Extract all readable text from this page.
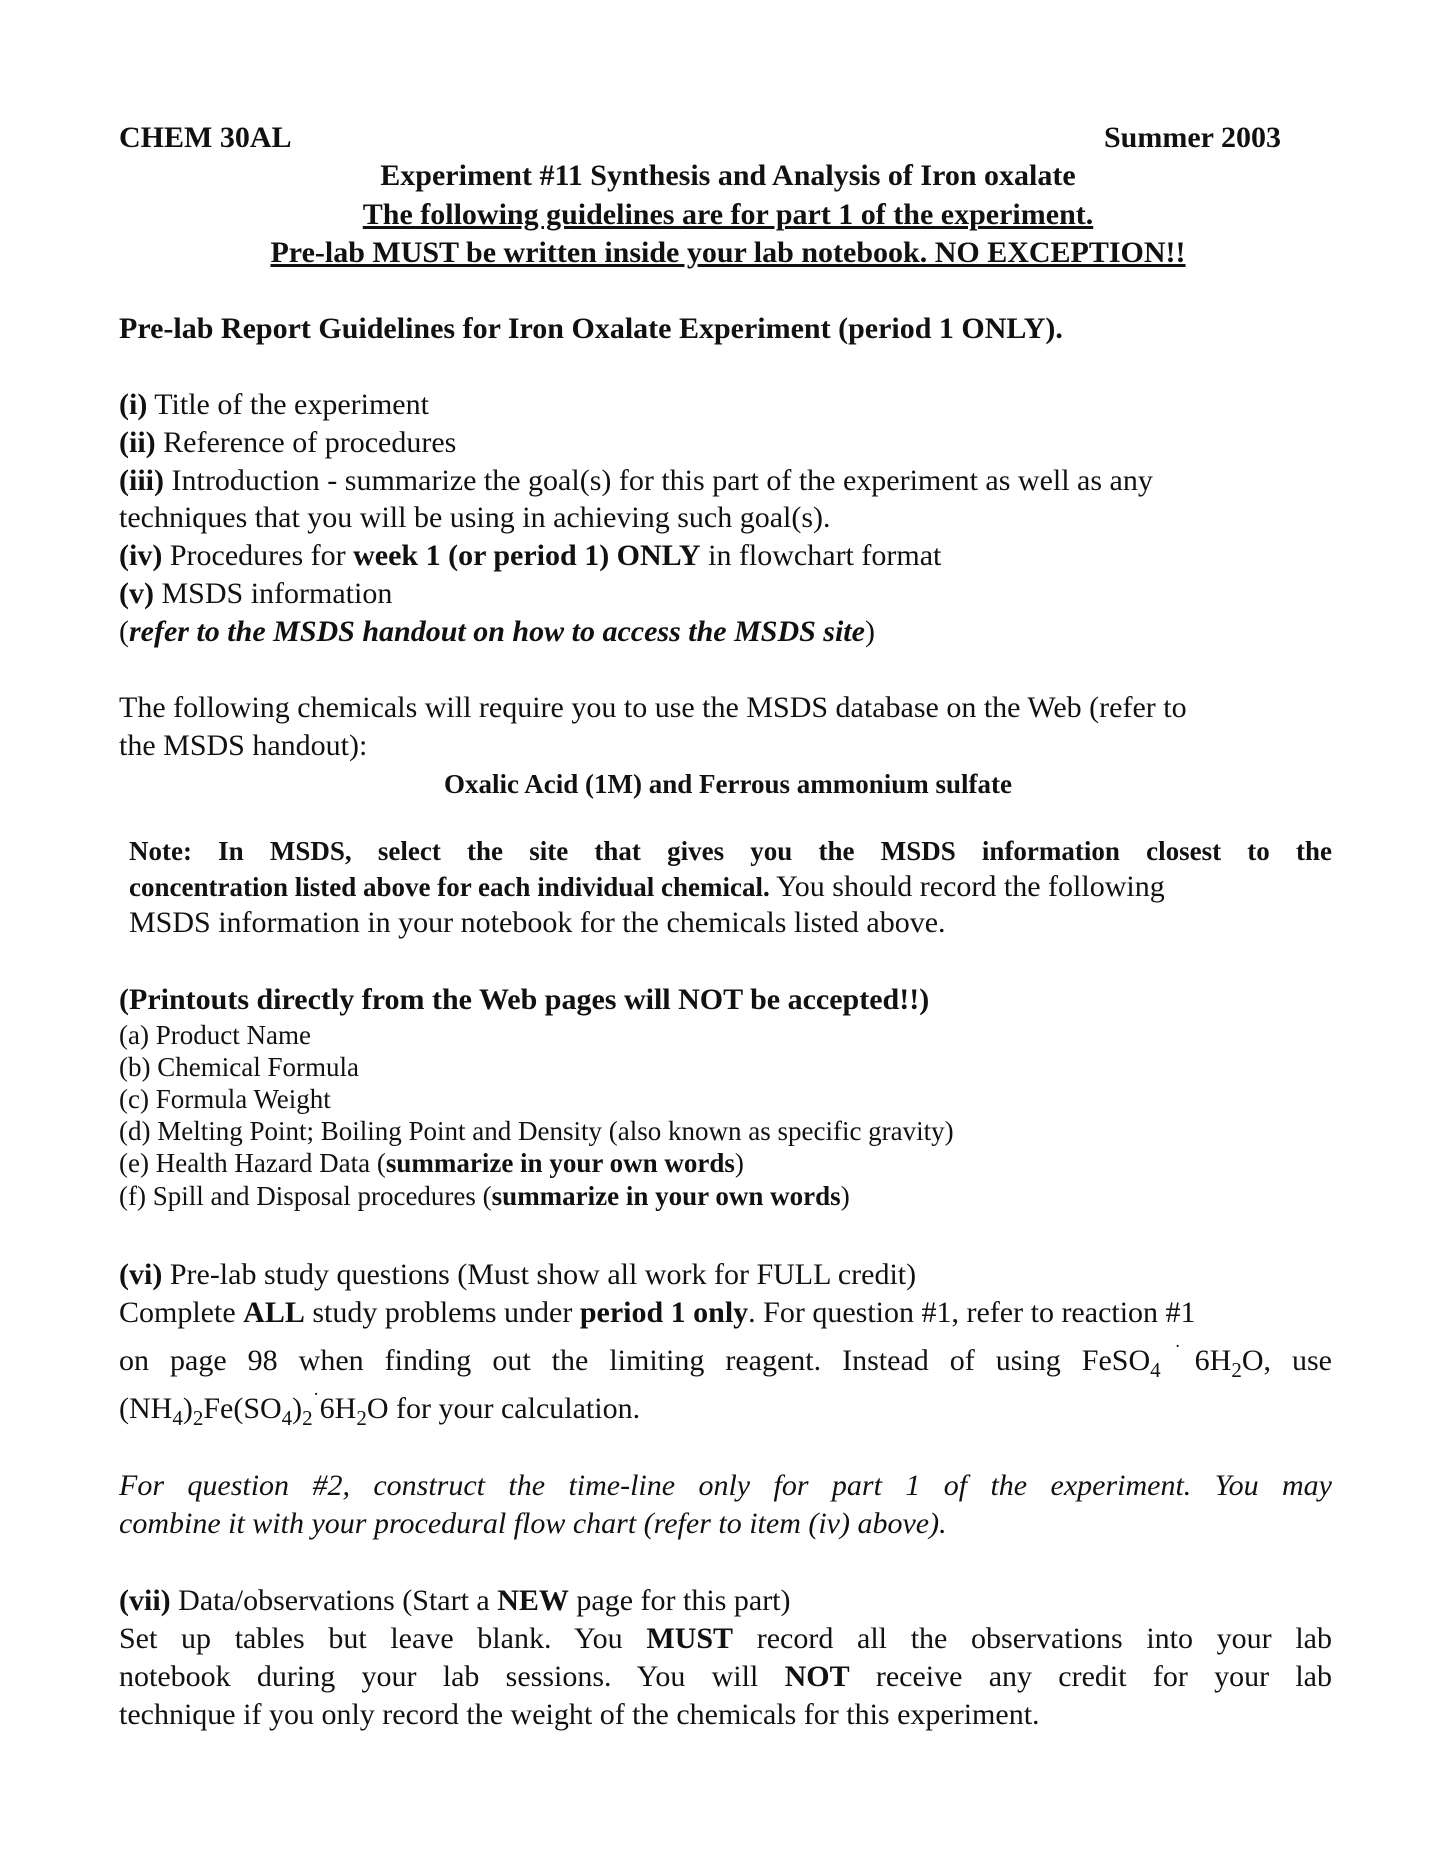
CHEM 30AL	Summer 2003
Experiment #11 Synthesis and Analysis of Iron oxalate
The following guidelines are for part 1 of the experiment.
Pre-lab MUST be written inside your lab notebook. NO EXCEPTION!!
Pre-lab Report Guidelines for Iron Oxalate Experiment (period 1 ONLY).
(i) Title of the experiment
(ii) Reference of procedures
(iii) Introduction - summarize the goal(s) for this part of the experiment as well as any
techniques that you will be using in achieving such goal(s).
(iv) Procedures for week 1 (or period 1) ONLY in flowchart format
(v) MSDS information
(refer to the MSDS handout on how to access the MSDS site)
The following chemicals will require you to use the MSDS database on the Web (refer to
the MSDS handout):
Oxalic Acid (1M) and Ferrous ammonium sulfate
Note: In MSDS, select the site that gives you the MSDS information closest to the
concentration listed above for each individual chemical. You should record the following
MSDS information in your notebook for the chemicals listed above.
(Printouts directly from the Web pages will NOT be accepted!!)
(a) Product Name
(b) Chemical Formula
(c) Formula Weight
(d) Melting Point; Boiling Point and Density (also known as specific gravity)
(e) Health Hazard Data (summarize in your own words)
(f) Spill and Disposal procedures (summarize in your own words)
(vi) Pre-lab study questions (Must show all work for FULL credit)
Complete ALL study problems under period 1 only. For question #1, refer to reaction #1
on page 98 when finding out the limiting reagent. Instead of using $FeSO_4^˙6H_2O$, use
$(NH_4)_2Fe(SO_4)_2^˙6H_2O$ for your calculation.
For question #2, construct the time-line only for part 1 of the experiment. You may
combine it with your procedural flow chart (refer to item (iv) above).
(vii) Data/observations (Start a NEW page for this part)
Set up tables but leave blank. You MUST record all the observations into your lab
notebook during your lab sessions. You will NOT receive any credit for your lab
technique if you only record the weight of the chemicals for this experiment.
